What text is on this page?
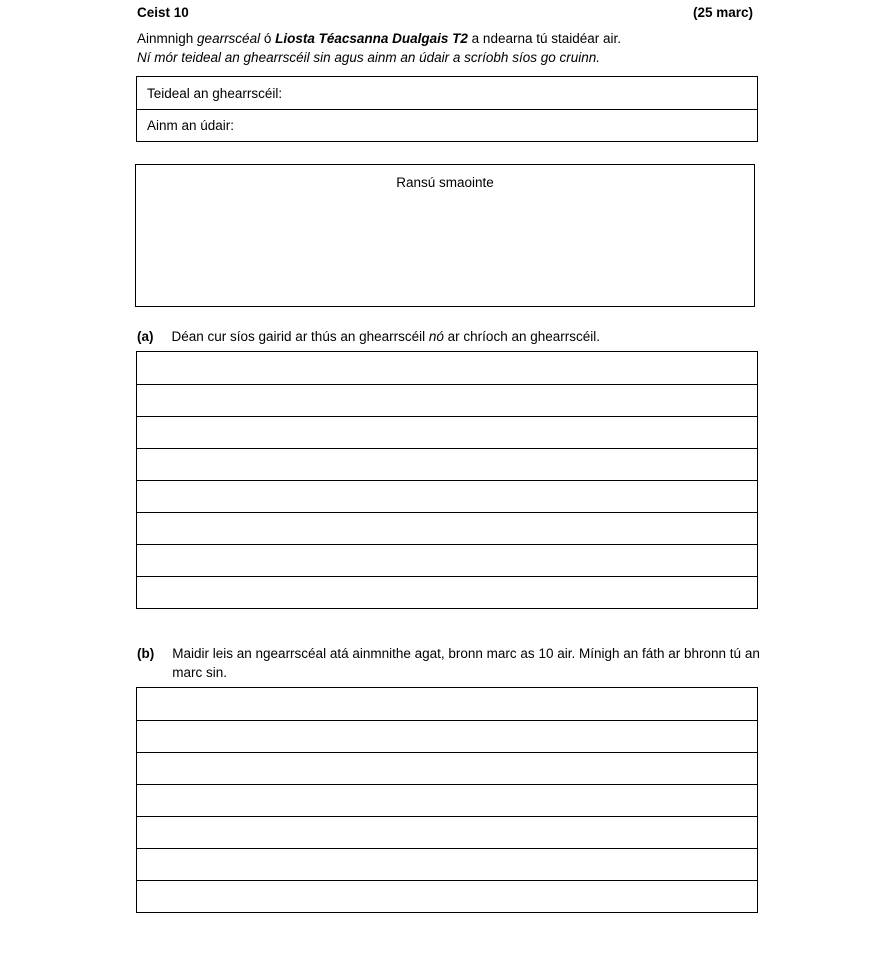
Ceist 10	(25 marc)
Ainmnigh gearrscéal ó Liosta Téacsanna Dualgais T2 a ndearna tú staidéar air.
Ní mór teideal an ghearrscéil sin agus ainm an údair a scríobh síos go cruinn.
Teideal an ghearrscéil:
Ainm an údair:
Ransú smaointe
(a) Déan cur síos gairid ar thús an ghearrscéil nó ar chríoch an ghearrscéil.
(b) Maidir leis an ngearrscéal atá ainmnithe agat, bronn marc as 10 air. Mínigh an fáth ar bhronn tú an marc sin.
